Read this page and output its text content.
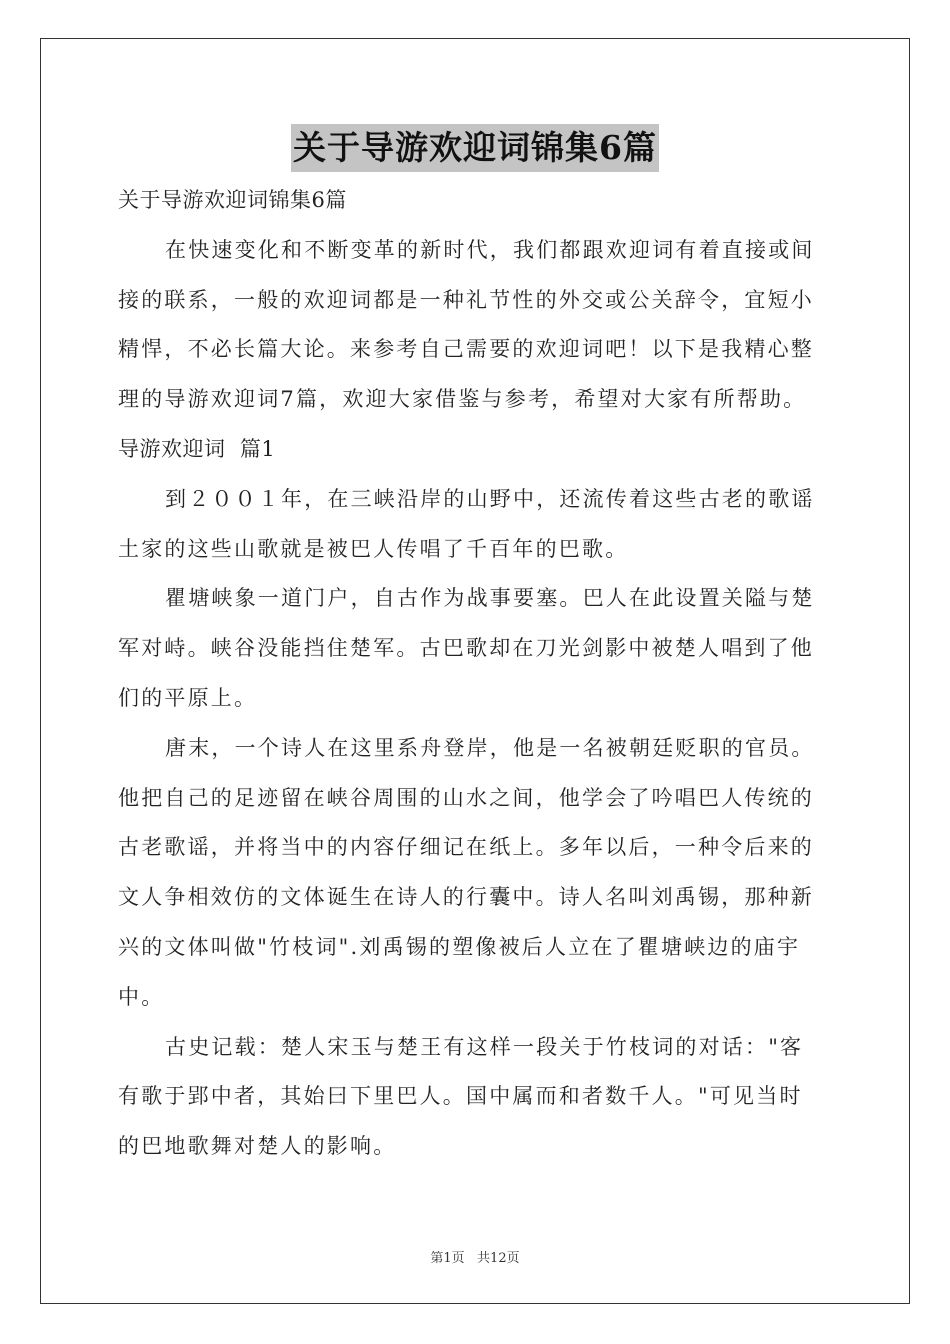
关于导游欢迎词锦集6篇
关于导游欢迎词锦集6篇
在快速变化和不断变革的新时代，我们都跟欢迎词有着直接或间
接的联系，一般的欢迎词都是一种礼节性的外交或公关辞令，宜短小
精悍，不必长篇大论。来参考自己需要的欢迎词吧！以下是我精心整
理的导游欢迎词7篇，欢迎大家借鉴与参考，希望对大家有所帮助。
导游欢迎词  篇1
到２００１年，在三峡沿岸的山野中，还流传着这些古老的歌谣
土家的这些山歌就是被巴人传唱了千百年的巴歌。
瞿塘峡象一道门户，自古作为战事要塞。巴人在此设置关隘与楚
军对峙。峡谷没能挡住楚军。古巴歌却在刀光剑影中被楚人唱到了他
们的平原上。
唐末，一个诗人在这里系舟登岸，他是一名被朝廷贬职的官员。
他把自己的足迹留在峡谷周围的山水之间，他学会了吟唱巴人传统的
古老歌谣，并将当中的内容仔细记在纸上。多年以后，一种令后来的
文人争相效仿的文体诞生在诗人的行囊中。诗人名叫刘禹锡，那种新
兴的文体叫做"竹枝词".刘禹锡的塑像被后人立在了瞿塘峡边的庙宇
中。
古史记载：楚人宋玉与楚王有这样一段关于竹枝词的对话："客
有歌于郢中者，其始曰下里巴人。国中属而和者数千人。"可见当时
的巴地歌舞对楚人的影响。
第1页   共12页
